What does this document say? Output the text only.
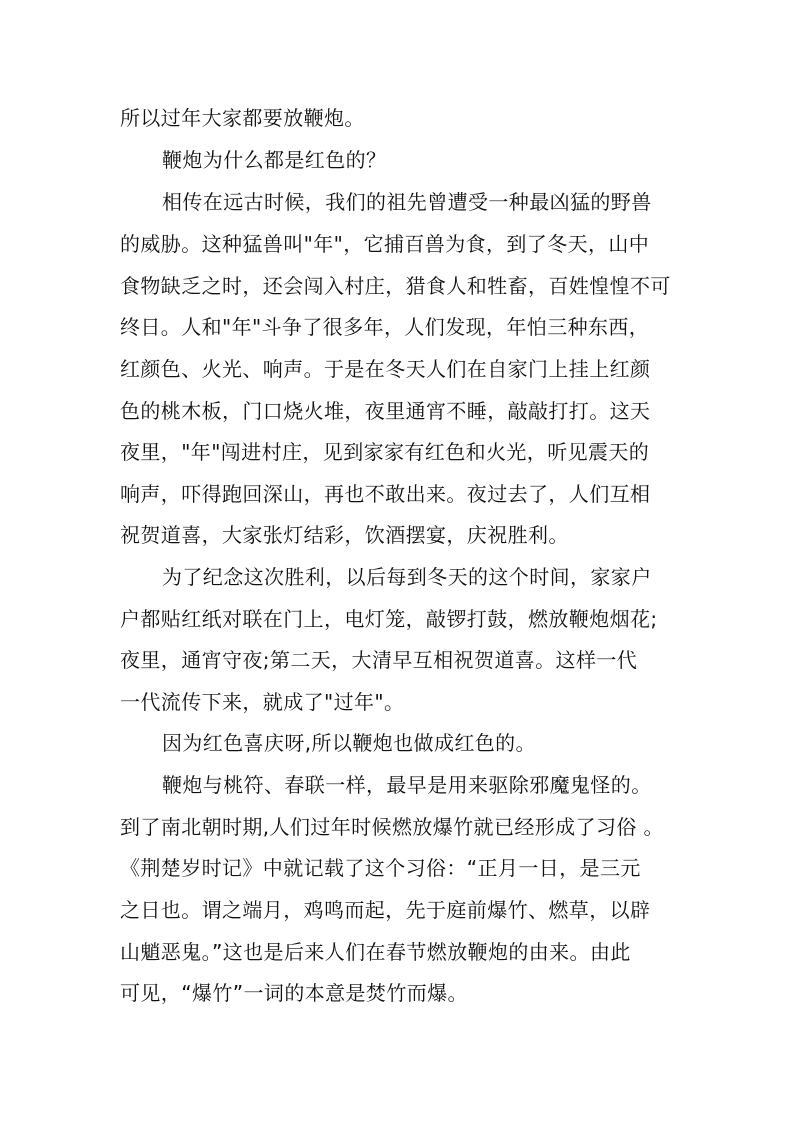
所以过年大家都要放鞭炮。
鞭炮为什么都是红色的？
相传在远古时候，我们的祖先曾遭受一种最凶猛的野兽
的威胁。这种猛兽叫"年"，它捕百兽为食，到了冬天，山中
食物缺乏之时，还会闯入村庄，猎食人和牲畜，百姓惶惶不可
终日。人和"年"斗争了很多年，人们发现，年怕三种东西，
红颜色、火光、响声。于是在冬天人们在自家门上挂上红颜
色的桃木板，门口烧火堆，夜里通宵不睡，敲敲打打。这天
夜里，"年"闯进村庄，见到家家有红色和火光，听见震天的
响声，吓得跑回深山，再也不敢出来。夜过去了，人们互相
祝贺道喜，大家张灯结彩，饮酒摆宴，庆祝胜利。
为了纪念这次胜利，以后每到冬天的这个时间，家家户
户都贴红纸对联在门上，电灯笼，敲锣打鼓，燃放鞭炮烟花;
夜里，通宵守夜;第二天，大清早互相祝贺道喜。这样一代
一代流传下来，就成了"过年"。
因为红色喜庆呀,所以鞭炮也做成红色的。
鞭炮与桃符、春联一样，最早是用来驱除邪魔鬼怪的。
到了南北朝时期,人们过年时候燃放爆竹就已经形成了习俗 。
《荆楚岁时记》中就记载了这个习俗：“正月一日，是三元
之日也。谓之端月，鸡鸣而起，先于庭前爆竹、燃草，以辟
山魈恶鬼。”这也是后来人们在春节燃放鞭炮的由来。由此
可见，“爆竹”一词的本意是焚竹而爆。
